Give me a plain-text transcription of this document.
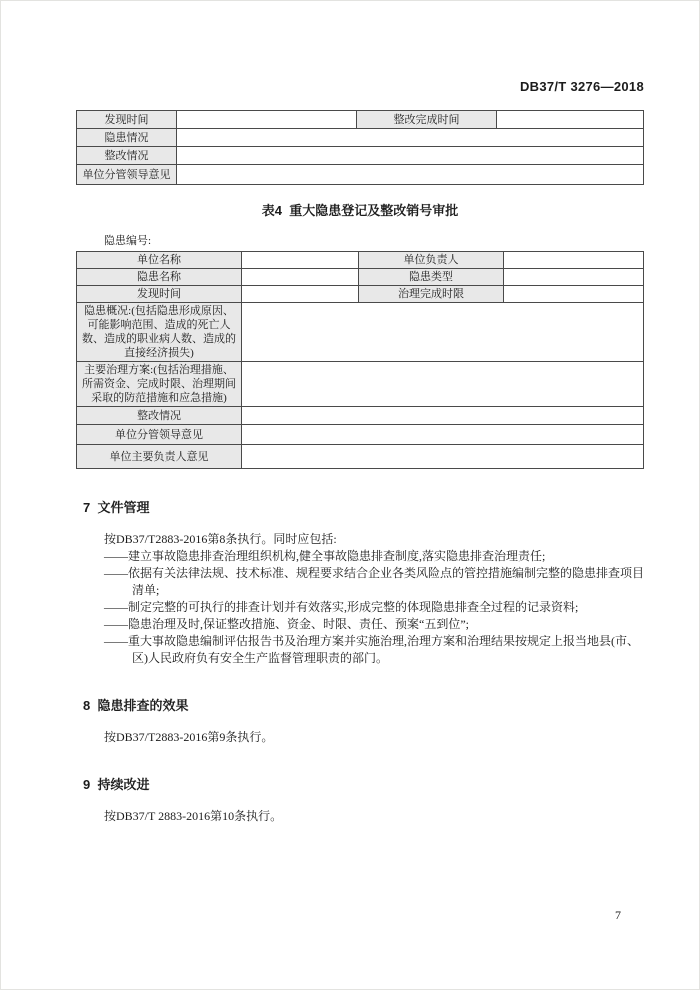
DB37/T 3276—2018
发现时间		整改完成时间	
隐患情况			
整改情况			
单位分管领导意见			
表4  重大隐患登记及整改销号审批
隐患编号:
单位名称		单位负责人	
隐患名称		隐患类型	
发现时间		治理完成时限	
隐患概况:(包括隐患形成原因、可能影响范围、造成的死亡人数、造成的职业病人数、造成的直接经济损失)			
主要治理方案:(包括治理措施、所需资金、完成时限、治理期间采取的防范措施和应急措施)			
整改情况			
单位分管领导意见			
单位主要负责人意见			
7  文件管理

按DB37/T2883-2016第8条执行。同时应包括:

——建立事故隐患排查治理组织机构,健全事故隐患排查制度,落实隐患排查治理责任;

——依据有关法律法规、技术标准、规程要求结合企业各类风险点的管控措施编制完整的隐患排查项目清单;

——制定完整的可执行的排查计划并有效落实,形成完整的体现隐患排查全过程的记录资料;

——隐患治理及时,保证整改措施、资金、时限、责任、预案“五到位”;

——重大事故隐患编制评估报告书及治理方案并实施治理,治理方案和治理结果按规定上报当地县(市、区)人民政府负有安全生产监督管理职责的部门。

8  隐患排查的效果

按DB37/T2883-2016第9条执行。

9  持续改进

按DB37/T 2883-2016第10条执行。

7
